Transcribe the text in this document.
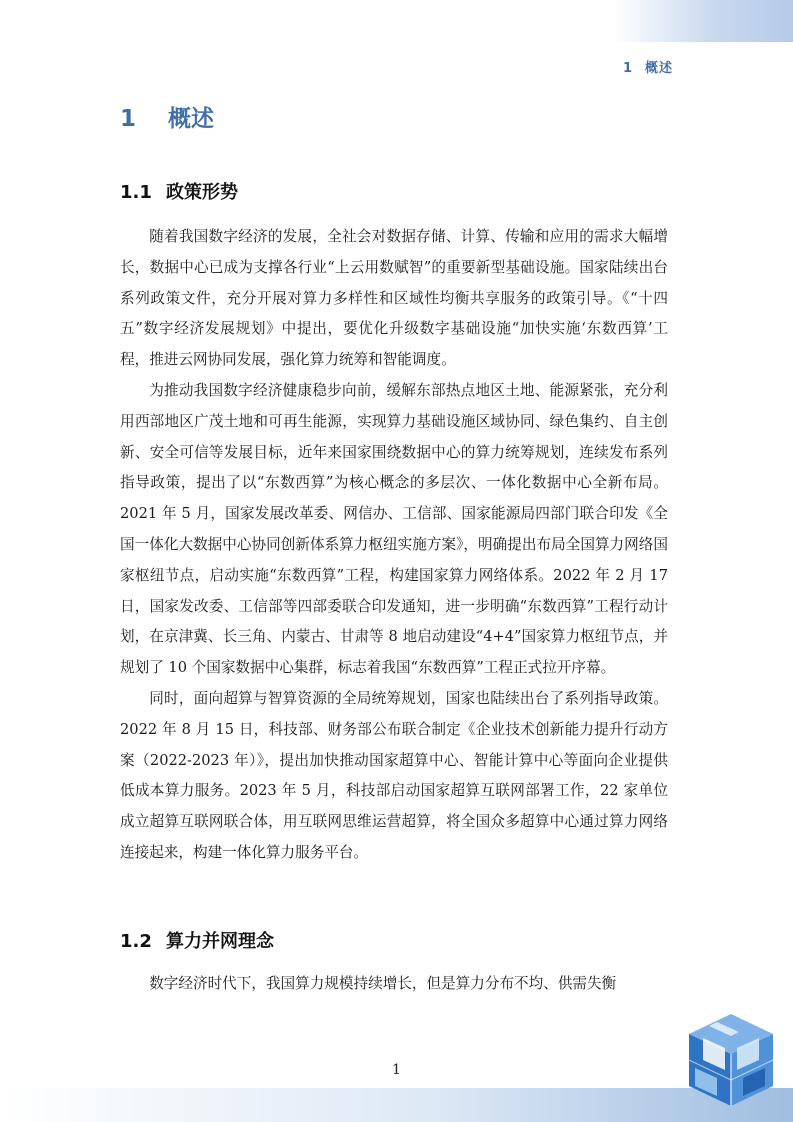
1 概述
1 概述
1.1 政策形势

随着我国数字经济的发展，全社会对数据存储、计算、传输和应用的需求大幅增长，数据中心已成为支撑各行业“上云用数赋智”的重要新型基础设施。国家陆续出台系列政策文件，充分开展对算力多样性和区域性均衡共享服务的政策引导。《“十四五”数字经济发展规划》中提出，要优化升级数字基础设施“加快实施‘东数西算’工程，推进云网协同发展，强化算力统筹和智能调度。

为推动我国数字经济健康稳步向前，缓解东部热点地区土地、能源紧张，充分利用西部地区广茂土地和可再生能源，实现算力基础设施区域协同、绿色集约、自主创新、安全可信等发展目标，近年来国家围绕数据中心的算力统筹规划，连续发布系列指导政策，提出了以“东数西算”为核心概念的多层次、一体化数据中心全新布局。2021 年 5 月，国家发展改革委、网信办、工信部、国家能源局四部门联合印发《全国一体化大数据中心协同创新体系算力枢纽实施方案》，明确提出布局全国算力网络国家枢纽节点，启动实施“东数西算”工程，构建国家算力网络体系。2022 年 2 月 17 日，国家发改委、工信部等四部委联合印发通知，进一步明确“东数西算”工程行动计划，在京津冀、长三角、内蒙古、甘肃等 8 地启动建设“4+4”国家算力枢纽节点，并规划了 10 个国家数据中心集群，标志着我国“东数西算”工程正式拉开序幕。

同时，面向超算与智算资源的全局统筹规划，国家也陆续出台了系列指导政策。2022 年 8 月 15 日，科技部、财务部公布联合制定《企业技术创新能力提升行动方案（2022-2023 年）》，提出加快推动国家超算中心、智能计算中心等面向企业提供低成本算力服务。2023 年 5 月，科技部启动国家超算互联网部署工作，22 家单位成立超算互联网联合体，用互联网思维运营超算，将全国众多超算中心通过算力网络连接起来，构建一体化算力服务平台。

1.2 算力并网理念

数字经济时代下，我国算力规模持续增长，但是算力分布不均、供需失衡

1
